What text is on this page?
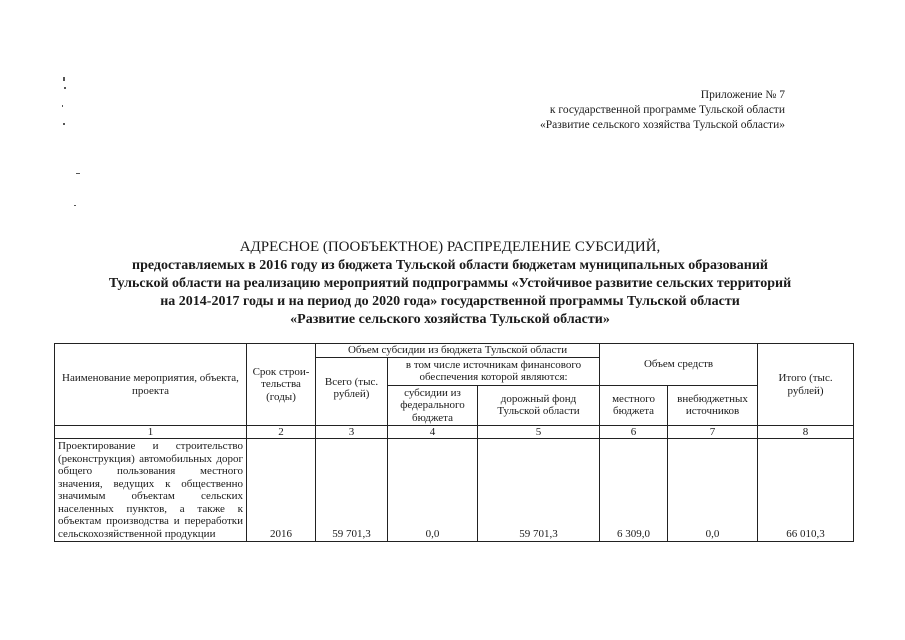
Приложение № 7
к государственной программе Тульской области
«Развитие сельского хозяйства Тульской области»
АДРЕСНОЕ (ПООБЪЕКТНОЕ) РАСПРЕДЕЛЕНИЕ СУБСИДИЙ,
предоставляемых в 2016 году из бюджета Тульской области бюджетам муниципальных образований
Тульской области на реализацию мероприятий подпрограммы «Устойчивое развитие сельских территорий
на 2014-2017 годы и на период до 2020 года» государственной программы Тульской области
«Развитие сельского хозяйства Тульской области»
Наименование мероприятия, объекта, проекта	Срок строи-тельства (годы)	Объем субсидии из бюджета Тульской области			Объем средств		Итого (тыс. рублей)
		Всего (тыс. рублей)	в том числе источникам финансового обеспечения которой являются:				
			субсидии из федерального бюджета	дорожный фонд Тульской области	местного бюджета	внебюджетных источников	
1	2	3	4	5	6	7	8
Проектирование и строительство (реконструкция) автомобильных дорог общего пользования местного значения, ведущих к общественно значимым объектам сельских населенных пунктов, а также к объектам производства и переработки сельскохозяйственной продукции	2016	59 701,3	0,0	59 701,3	6 309,0	0,0	66 010,3
